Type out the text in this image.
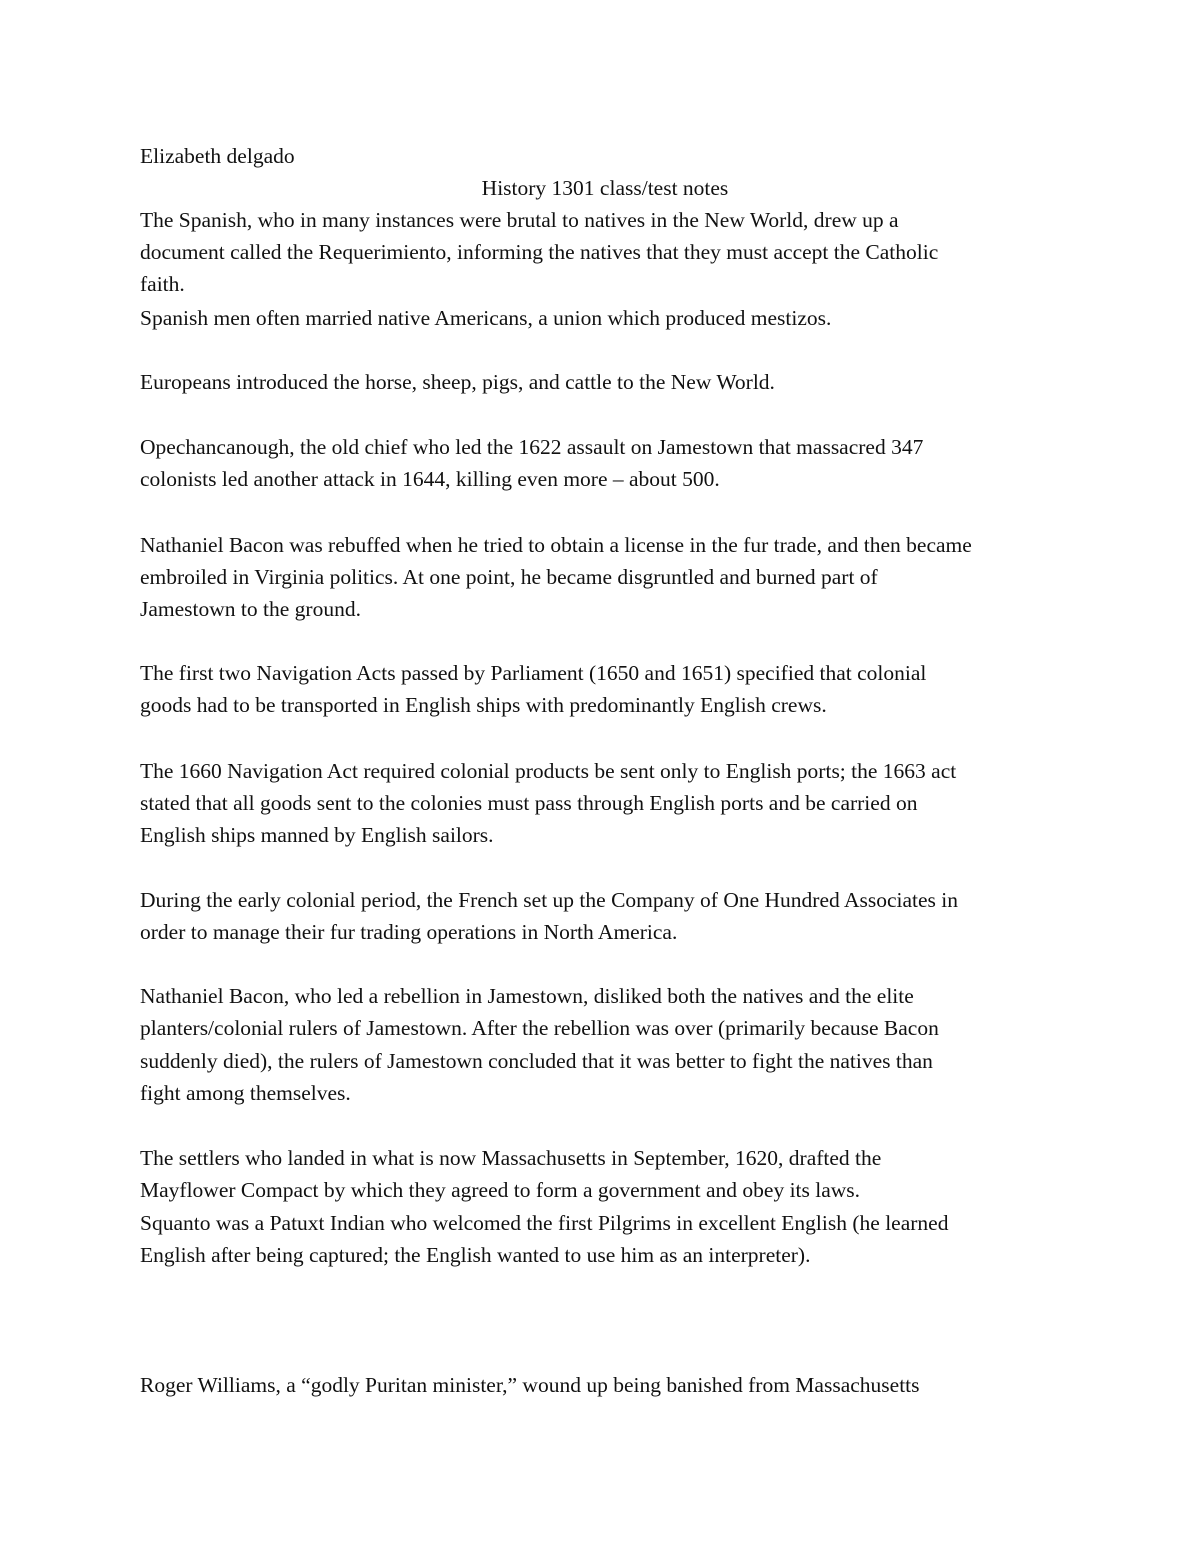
Elizabeth delgado
History 1301 class/test notes
The Spanish, who in many instances were brutal to natives in the New World, drew up a
document called the Requerimiento, informing the natives that they must accept the Catholic
faith.
Spanish men often married native Americans, a union which produced mestizos.
Europeans introduced the horse, sheep, pigs, and cattle to the New World.
Opechancanough, the old chief who led the 1622 assault on Jamestown that massacred 347
colonists led another attack in 1644, killing even more – about 500.
Nathaniel Bacon was rebuffed when he tried to obtain a license in the fur trade, and then became
embroiled in Virginia politics. At one point, he became disgruntled and burned part of
Jamestown to the ground.
The first two Navigation Acts passed by Parliament (1650 and 1651) specified that colonial
goods had to be transported in English ships with predominantly English crews.
The 1660 Navigation Act required colonial products be sent only to English ports; the 1663 act
stated that all goods sent to the colonies must pass through English ports and be carried on
English ships manned by English sailors.
During the early colonial period, the French set up the Company of One Hundred Associates in
order to manage their fur trading operations in North America.
Nathaniel Bacon, who led a rebellion in Jamestown, disliked both the natives and the elite
planters/colonial rulers of Jamestown. After the rebellion was over (primarily because Bacon
suddenly died), the rulers of Jamestown concluded that it was better to fight the natives than
fight among themselves.
The settlers who landed in what is now Massachusetts in September, 1620, drafted the
Mayflower Compact by which they agreed to form a government and obey its laws.
Squanto was a Patuxt Indian who welcomed the first Pilgrims in excellent English (he learned
English after being captured; the English wanted to use him as an interpreter).
Roger Williams, a “godly Puritan minister,” wound up being banished from Massachusetts
